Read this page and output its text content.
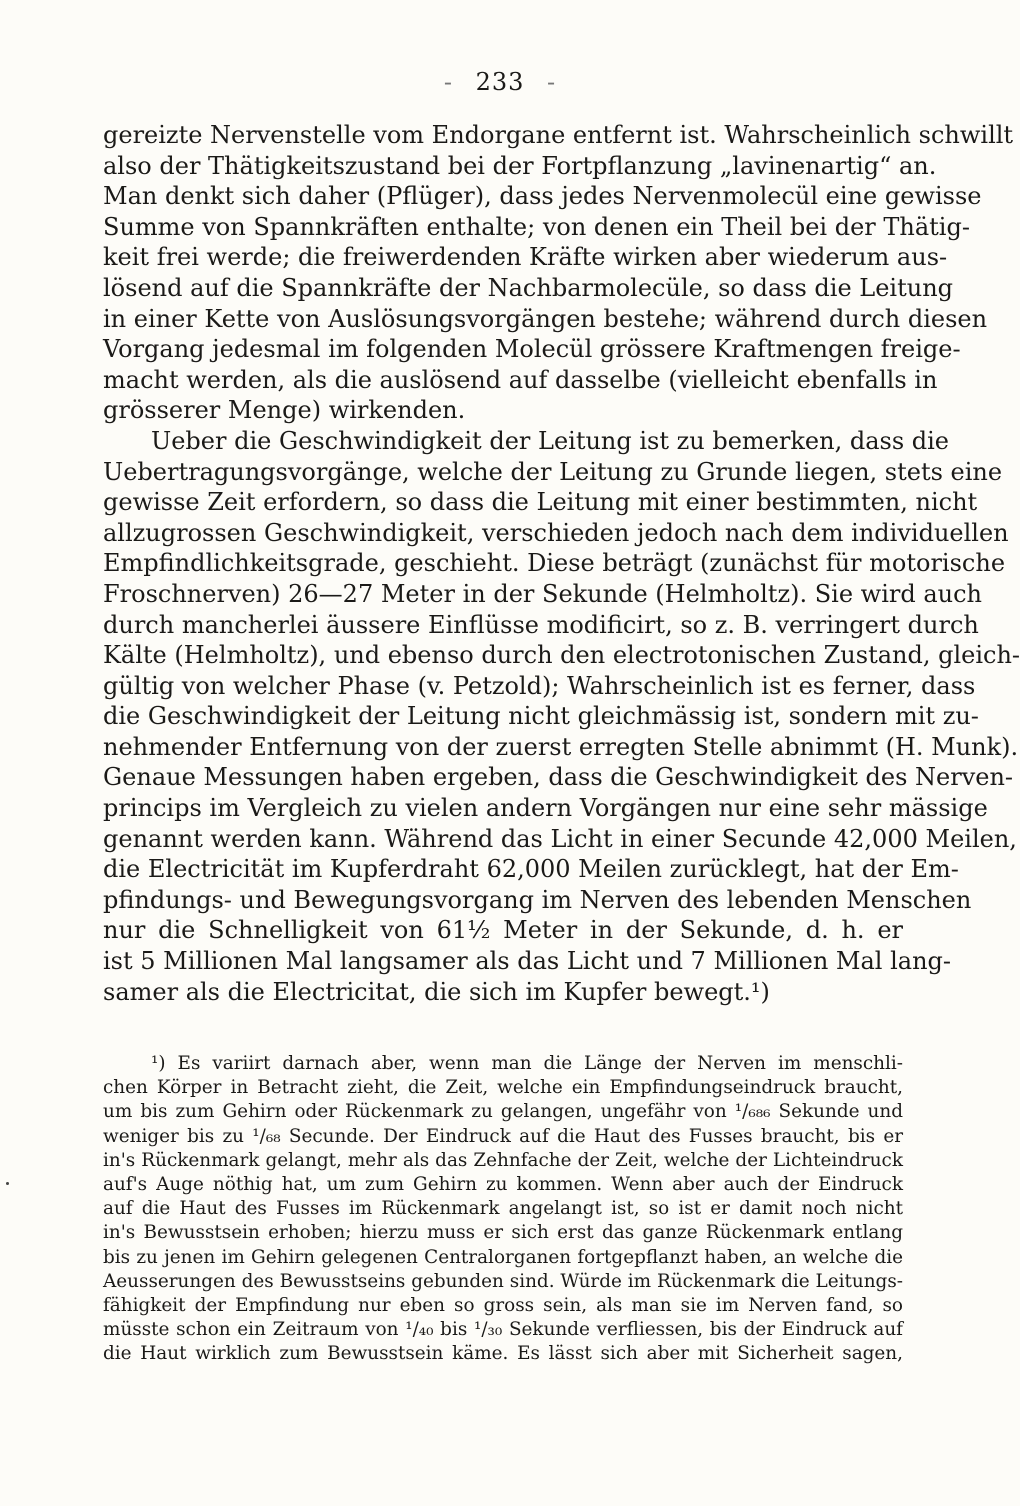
- 233 -
gereizte Nervenstelle vom Endorgane entfernt ist. Wahrscheinlich schwillt
also der Thätigkeitszustand bei der Fortpflanzung „lavinenartig“ an.
Man denkt sich daher (Pflüger), dass jedes Nervenmolecül eine gewisse
Summe von Spannkräften enthalte; von denen ein Theil bei der Thätig-
keit frei werde; die freiwerdenden Kräfte wirken aber wiederum aus-
lösend auf die Spannkräfte der Nachbarmolecüle, so dass die Leitung
in einer Kette von Auslösungsvorgängen bestehe; während durch diesen
Vorgang jedesmal im folgenden Molecül grössere Kraftmengen freige-
macht werden, als die auslösend auf dasselbe (vielleicht ebenfalls in
grösserer Menge) wirkenden.
Ueber die Geschwindigkeit der Leitung ist zu bemerken, dass die
Uebertragungsvorgänge, welche der Leitung zu Grunde liegen, stets eine
gewisse Zeit erfordern, so dass die Leitung mit einer bestimmten, nicht
allzugrossen Geschwindigkeit, verschieden jedoch nach dem individuellen
Empfindlichkeitsgrade, geschieht. Diese beträgt (zunächst für motorische
Froschnerven) 26—27 Meter in der Sekunde (Helmholtz). Sie wird auch
durch mancherlei äussere Einflüsse modificirt, so z. B. verringert durch
Kälte (Helmholtz), und ebenso durch den electrotonischen Zustand, gleich-
gültig von welcher Phase (v. Petzold); Wahrscheinlich ist es ferner, dass
die Geschwindigkeit der Leitung nicht gleichmässig ist, sondern mit zu-
nehmender Entfernung von der zuerst erregten Stelle abnimmt (H. Munk).
Genaue Messungen haben ergeben, dass die Geschwindigkeit des Nerven-
princips im Vergleich zu vielen andern Vorgängen nur eine sehr mässige
genannt werden kann. Während das Licht in einer Secunde 42,000 Meilen,
die Electricität im Kupferdraht 62,000 Meilen zurücklegt, hat der Em-
pfindungs- und Bewegungsvorgang im Nerven des lebenden Menschen
nur die Schnelligkeit von 61½ Meter in der Sekunde, d. h. er
ist 5 Millionen Mal langsamer als das Licht und 7 Millionen Mal lang-
samer als die Electricitat, die sich im Kupfer bewegt.¹)
¹) Es variirt darnach aber, wenn man die Länge der Nerven im menschli-
chen Körper in Betracht zieht, die Zeit, welche ein Empfindungseindruck braucht,
um bis zum Gehirn oder Rückenmark zu gelangen, ungefähr von ¹/₆₈₆ Sekunde und
weniger bis zu ¹/₆₈ Secunde. Der Eindruck auf die Haut des Fusses braucht, bis er
in's Rückenmark gelangt, mehr als das Zehnfache der Zeit, welche der Lichteindruck
auf's Auge nöthig hat, um zum Gehirn zu kommen. Wenn aber auch der Eindruck
auf die Haut des Fusses im Rückenmark angelangt ist, so ist er damit noch nicht
in's Bewusstsein erhoben; hierzu muss er sich erst das ganze Rückenmark entlang
bis zu jenen im Gehirn gelegenen Centralorganen fortgepflanzt haben, an welche die
Aeusserungen des Bewusstseins gebunden sind. Würde im Rückenmark die Leitungs-
fähigkeit der Empfindung nur eben so gross sein, als man sie im Nerven fand, so
müsste schon ein Zeitraum von ¹/₄₀ bis ¹/₃₀ Sekunde verfliessen, bis der Eindruck auf
die Haut wirklich zum Bewusstsein käme. Es lässt sich aber mit Sicherheit sagen,
